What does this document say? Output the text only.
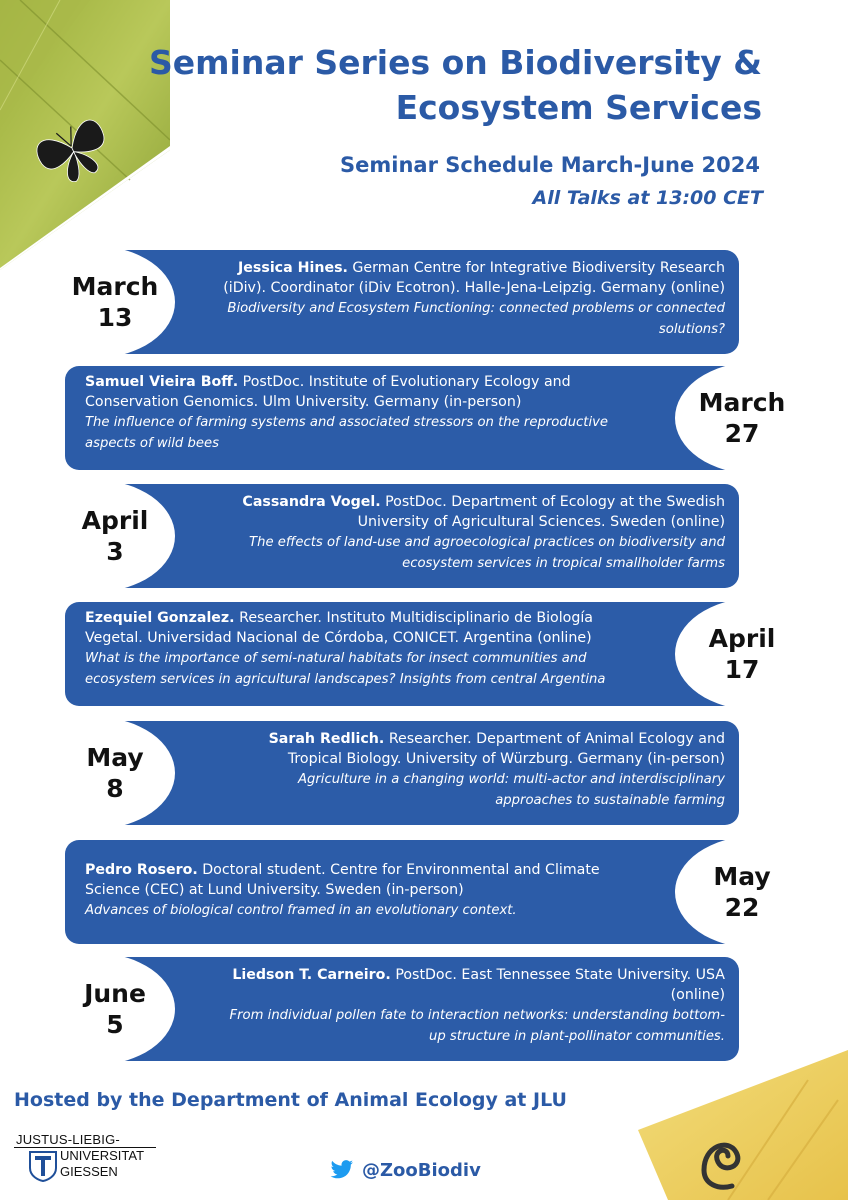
Seminar Series on Biodiversity & Ecosystem Services
Seminar Schedule March-June 2024
All Talks at 13:00 CET
March
13
Jessica Hines. German Centre for Integrative Biodiversity Research (iDiv). Coordinator (iDiv Ecotron). Halle-Jena-Leipzig. Germany (online)
Biodiversity and Ecosystem Functioning: connected problems or connected solutions?
March
27
Samuel Vieira Boff. PostDoc. Institute of Evolutionary Ecology and Conservation Genomics. Ulm University. Germany (in-person)
The influence of farming systems and associated stressors on the reproductive aspects of wild bees
April
3
Cassandra Vogel. PostDoc. Department of Ecology at the Swedish University of Agricultural Sciences. Sweden (online)
The effects of land-use and agroecological practices on biodiversity and ecosystem services in tropical smallholder farms
April
17
Ezequiel Gonzalez. Researcher. Instituto Multidisciplinario de Biología Vegetal. Universidad Nacional de Córdoba, CONICET. Argentina (online)
What is the importance of semi-natural habitats for insect communities and ecosystem services in agricultural landscapes? Insights from central Argentina
May
8
Sarah Redlich. Researcher. Department of Animal Ecology and Tropical Biology. University of Würzburg. Germany (in-person)
Agriculture in a changing world: multi-actor and interdisciplinary approaches to sustainable farming
May
22
Pedro Rosero. Doctoral student. Centre for Environmental and Climate Science (CEC) at Lund University. Sweden (in-person)
Advances of biological control framed in an evolutionary context.
June
5
Liedson T. Carneiro. PostDoc. East Tennessee State University. USA (online)
From individual pollen fate to interaction networks: understanding bottom-up structure in plant-pollinator communities.

Hosted by the Department of Animal Ecology at JLU

JUSTUS-LIEBIG-
UNIVERSITAT
GIESSEN	@ZooBiodiv
